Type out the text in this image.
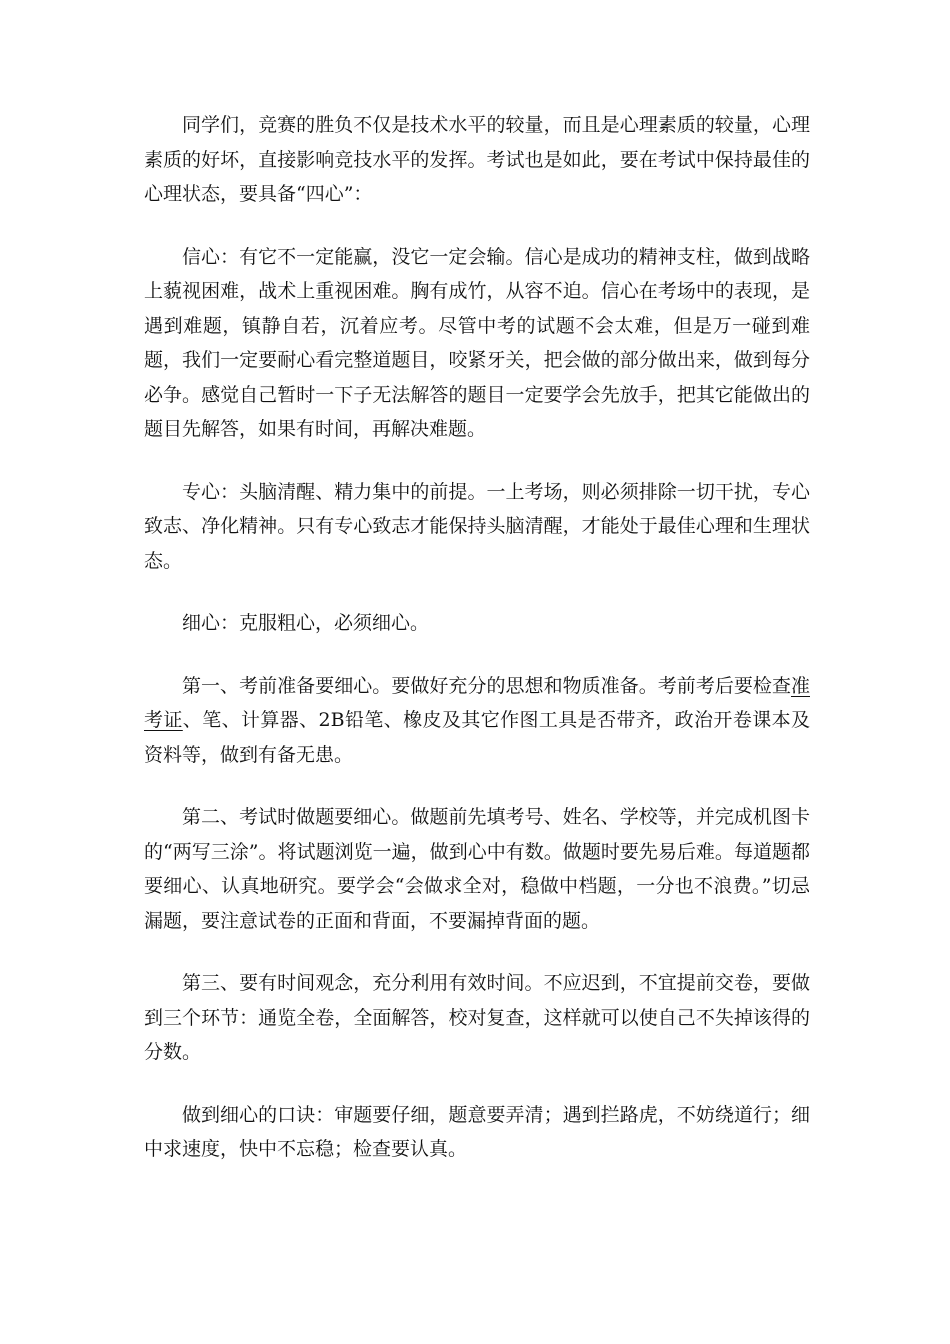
同学们，竞赛的胜负不仅是技术水平的较量，而且是心理素质的较量，心理素质的好坏，直接影响竞技水平的发挥。考试也是如此，要在考试中保持最佳的心理状态，要具备“四心”：

信心：有它不一定能赢，没它一定会输。信心是成功的精神支柱，做到战略上藐视困难，战术上重视困难。胸有成竹，从容不迫。信心在考场中的表现，是遇到难题，镇静自若，沉着应考。尽管中考的试题不会太难，但是万一碰到难题，我们一定要耐心看完整道题目，咬紧牙关，把会做的部分做出来，做到每分必争。感觉自己暂时一下子无法解答的题目一定要学会先放手，把其它能做出的题目先解答，如果有时间，再解决难题。

专心：头脑清醒、精力集中的前提。一上考场，则必须排除一切干扰，专心致志、净化精神。只有专心致志才能保持头脑清醒，才能处于最佳心理和生理状态。

细心：克服粗心，必须细心。

第一、考前准备要细心。要做好充分的思想和物质准备。考前考后要检查准考证、笔、计算器、2B铅笔、橡皮及其它作图工具是否带齐，政治开卷课本及资料等，做到有备无患。

第二、考试时做题要细心。做题前先填考号、姓名、学校等，并完成机图卡的“两写三涂”。将试题浏览一遍，做到心中有数。做题时要先易后难。每道题都要细心、认真地研究。要学会“会做求全对，稳做中档题，一分也不浪费。”切忌漏题，要注意试卷的正面和背面，不要漏掉背面的题。

第三、要有时间观念，充分利用有效时间。不应迟到，不宜提前交卷，要做到三个环节：通览全卷，全面解答，校对复查，这样就可以使自己不失掉该得的分数。

做到细心的口诀：审题要仔细，题意要弄清；遇到拦路虎，不妨绕道行；细中求速度，快中不忘稳；检查要认真。
